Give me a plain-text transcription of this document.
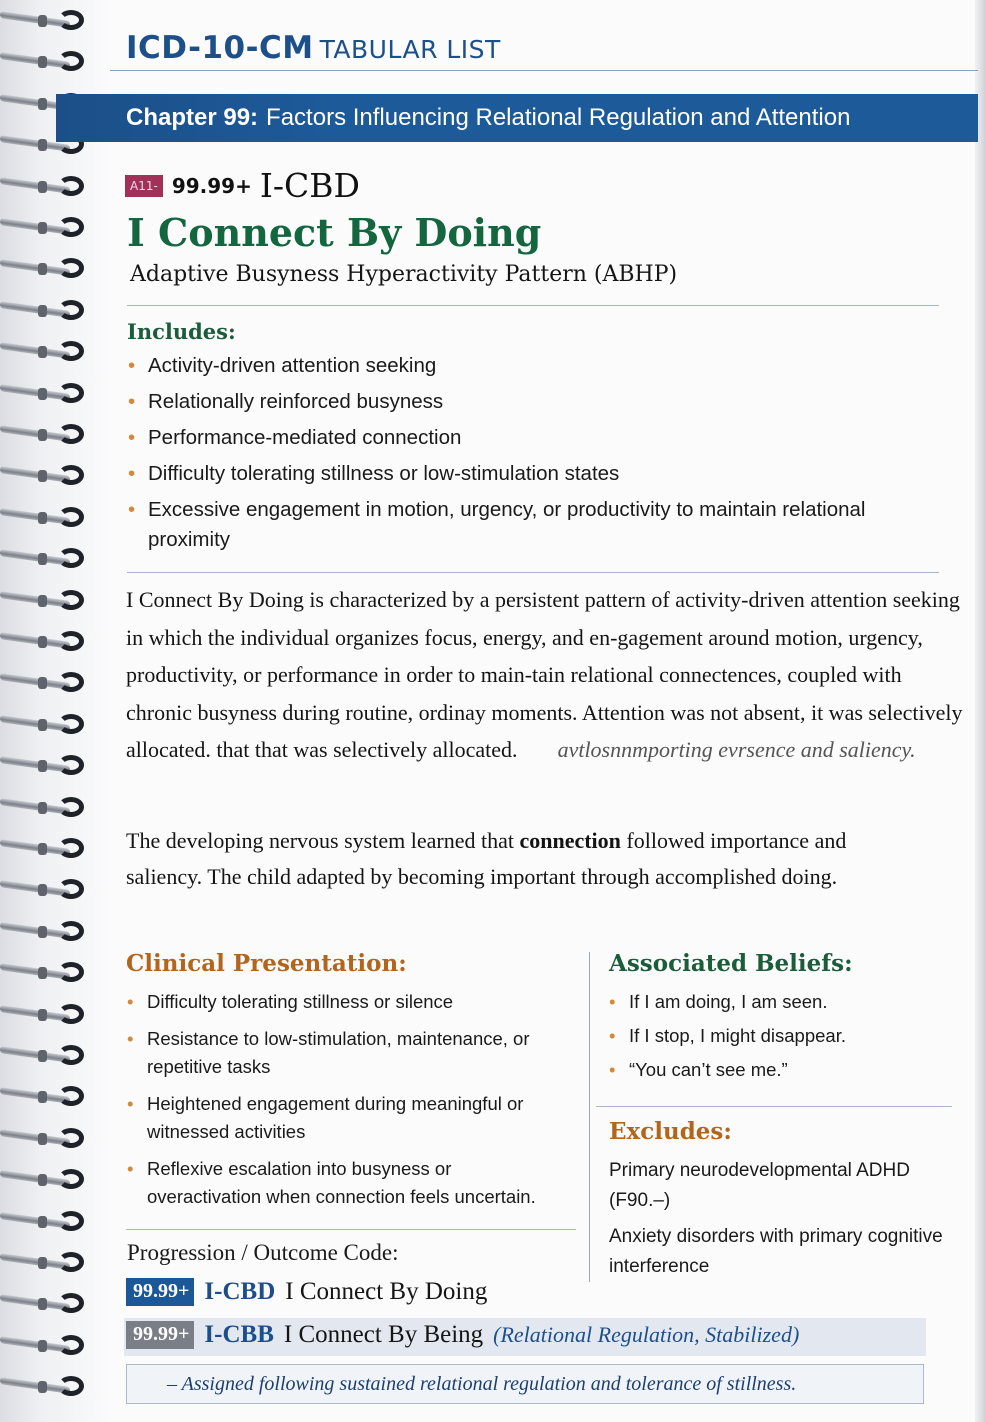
ICD-10-CM TABULAR LIST
Chapter 99: Factors Influencing Relational Regulation and Attention
A11- 99.99+ I-CBD
I Connect By Doing
Adaptive Busyness Hyperactivity Pattern (ABHP)
Includes:
• Activity-driven attention seeking
• Relationally reinforced busyness
• Performance-mediated connection
• Difficulty tolerating stillness or low-stimulation states
• Excessive engagement in motion, urgency, or productivity to maintain relational proximity
I Connect By Doing is characterized by a persistent pattern of activity-driven attention seeking in which the individual organizes focus, energy, and en-gagement around motion, urgency, productivity, or performance in order to main-tain relational connectences, coupled with chronic busyness during routine, ordinay moments. Attention was not absent, it was selectively allocated. that that was selectively allocated. avtlosnnmporting evrsence and saliency.
The developing nervous system learned that connection followed importance and saliency. The child adapted by becoming important through accomplished doing.
Clinical Presentation:
• Difficulty tolerating stillness or silence
• Resistance to low-stimulation, maintenance, or repetitive tasks
• Heightened engagement during meaningful or witnessed activities
• Reflexive escalation into busyness or overactivation when connection feels uncertain.
Associated Beliefs:
• If I am doing, I am seen.
• If I stop, I might disappear.
• “You can’t see me.”
Excludes:
Primary neurodevelopmental ADHD (F90.–)
Anxiety disorders with primary cognitive interference
Progression / Outcome Code:
99.99+ I-CBD I Connect By Doing
99.99+ I-CBB I Connect By Being (Relational Regulation, Stabilized)
– Assigned following sustained relational regulation and tolerance of stillness.
